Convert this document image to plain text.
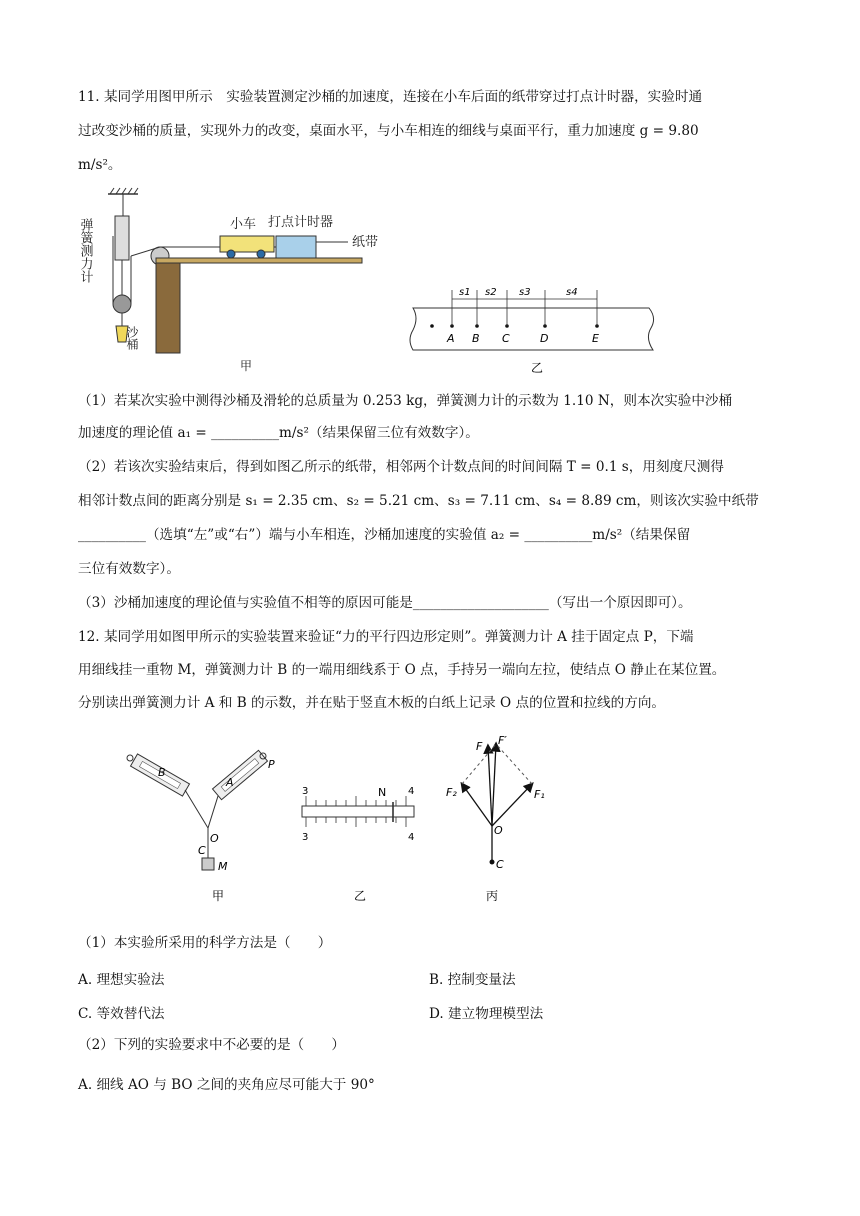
11. 某同学用图甲所示　实验装置测定沙桶的加速度，连接在小车后面的纸带穿过打点计时器，实验时通
过改变沙桶的质量，实现外力的改变，桌面水平，与小车相连的细线与桌面平行，重力加速度 g = 9.80
m/s²。
弹簧测力计	小车 打点计时器
纸带
沙桶
甲
s1 s2 s3	s4
A B C	D	E
乙
（1）若某次实验中测得沙桶及滑轮的总质量为 0.253 kg，弹簧测力计的示数为 1.10 N，则本次实验中沙桶
加速度的理论值 a₁ = __________m/s²（结果保留三位有效数字）。
（2）若该次实验结束后，得到如图乙所示的纸带，相邻两个计数点间的时间间隔 T = 0.1 s，用刻度尺测得
相邻计数点间的距离分别是 s₁ = 2.35 cm、s₂ = 5.21 cm、s₃ = 7.11 cm、s₄ = 8.89 cm，则该次实验中纸带
__________（选填“左”或“右”）端与小车相连，沙桶加速度的实验值 a₂ = __________m/s²（结果保留
三位有效数字）。
（3）沙桶加速度的理论值与实验值不相等的原因可能是____________________（写出一个原因即可）。
12. 某同学用如图甲所示的实验装置来验证“力的平行四边形定则”。弹簧测力计 A 挂于固定点 P，下端
用细线挂一重物 M，弹簧测力计 B 的一端用细线系于 O 点，手持另一端向左拉，使结点 O 静止在某位置。
分别读出弹簧测力计 A 和 B 的示数，并在贴于竖直木板的白纸上记录 O 点的位置和拉线的方向。
B
A
P
O
C
M
甲
3	4
3	4
N
乙
F F′
F₂	F₁
O
C
丙
（1）本实验所采用的科学方法是（　　）
A. 理想实验法	B. 控制变量法
C. 等效替代法	D. 建立物理模型法
（2）下列的实验要求中不必要的是（　　）
A. 细线 AO 与 BO 之间的夹角应尽可能大于 90°
